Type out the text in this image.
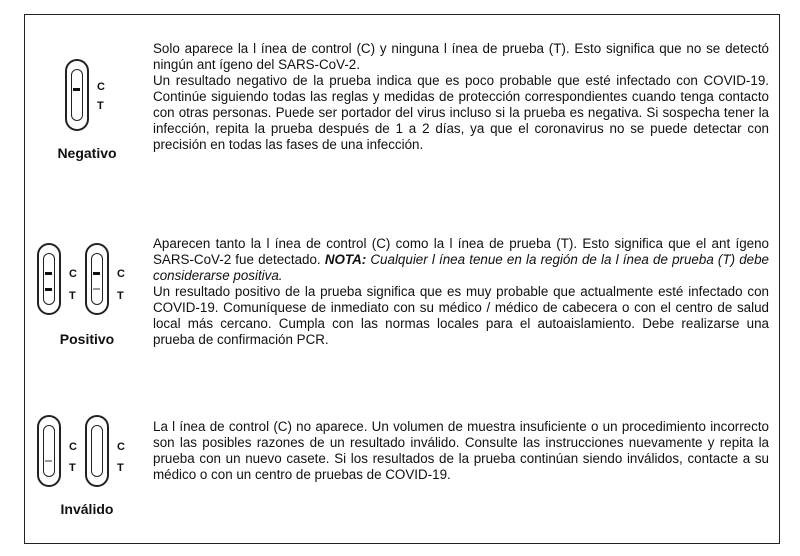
C
T
Negativo

Solo aparece la l ínea de control (C) y ninguna l ínea de prueba (T). Esto significa que no se detectó ningún ant ígeno del SARS-CoV-2.

Un resultado negativo de la prueba indica que es poco probable que esté infectado con COVID-19. Continúe siguiendo todas las reglas y medidas de protección correspondientes cuando tenga contacto con otras personas. Puede ser portador del virus incluso si la prueba es negativa. Si sospecha tener la infección, repita la prueba después de 1 a 2 días, ya que el coronavirus no se puede detectar con precisión en todas las fases de una infección.

C
T
C
T
Positivo

Aparecen tanto la l ínea de control (C) como la l ínea de prueba (T). Esto significa que el ant ígeno SARS-CoV-2 fue detectado. NOTA: Cualquier l ínea tenue en la región de la l ínea de prueba (T) debe considerarse positiva.

Un resultado positivo de la prueba significa que es muy probable que actualmente esté infectado con COVID-19. Comuníquese de inmediato con su médico / médico de cabecera o con el centro de salud local más cercano. Cumpla con las normas locales para el autoaislamiento. Debe realizarse una prueba de confirmación PCR.

C
T
C
T
Inválido

La l ínea de control (C) no aparece. Un volumen de muestra insuficiente o un procedimiento incorrecto son las posibles razones de un resultado inválido. Consulte las instrucciones nuevamente y repita la prueba con un nuevo casete. Si los resultados de la prueba continúan siendo inválidos, contacte a su médico o con un centro de pruebas de COVID-19.
